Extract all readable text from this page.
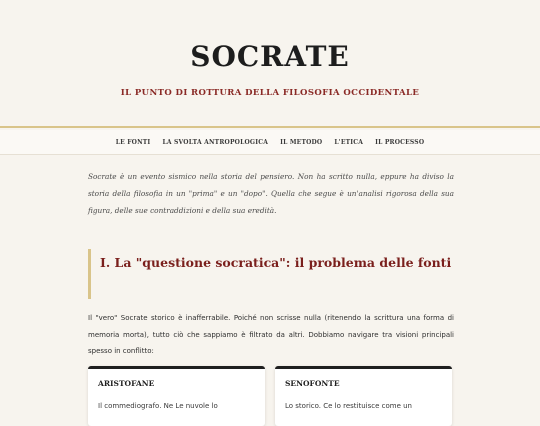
SOCRATE
IL PUNTO DI ROTTURA DELLA FILOSOFIA OCCIDENTALE
LE FONTI LA SVOLTA ANTROPOLOGICA IL METODO L'ETICA IL PROCESSO
Socrate è un evento sismico nella storia del pensiero. Non ha scritto nulla, eppure ha diviso la storia della filosofia in un "prima" e un "dopo". Quella che segue è un'analisi rigorosa della sua figura, delle sue contraddizioni e della sua eredità.
I. La "questione socratica": il problema delle fonti
Il "vero" Socrate storico è inafferrabile. Poiché non scrisse nulla (ritenendo la scrittura una forma di memoria morta), tutto ciò che sappiamo è filtrato da altri. Dobbiamo navigare tra visioni principali spesso in conflitto:
ARISTOFANE
Il commediografo. Ne Le nuvole lo
SENOFONTE
Lo storico. Ce lo restituisce come un
